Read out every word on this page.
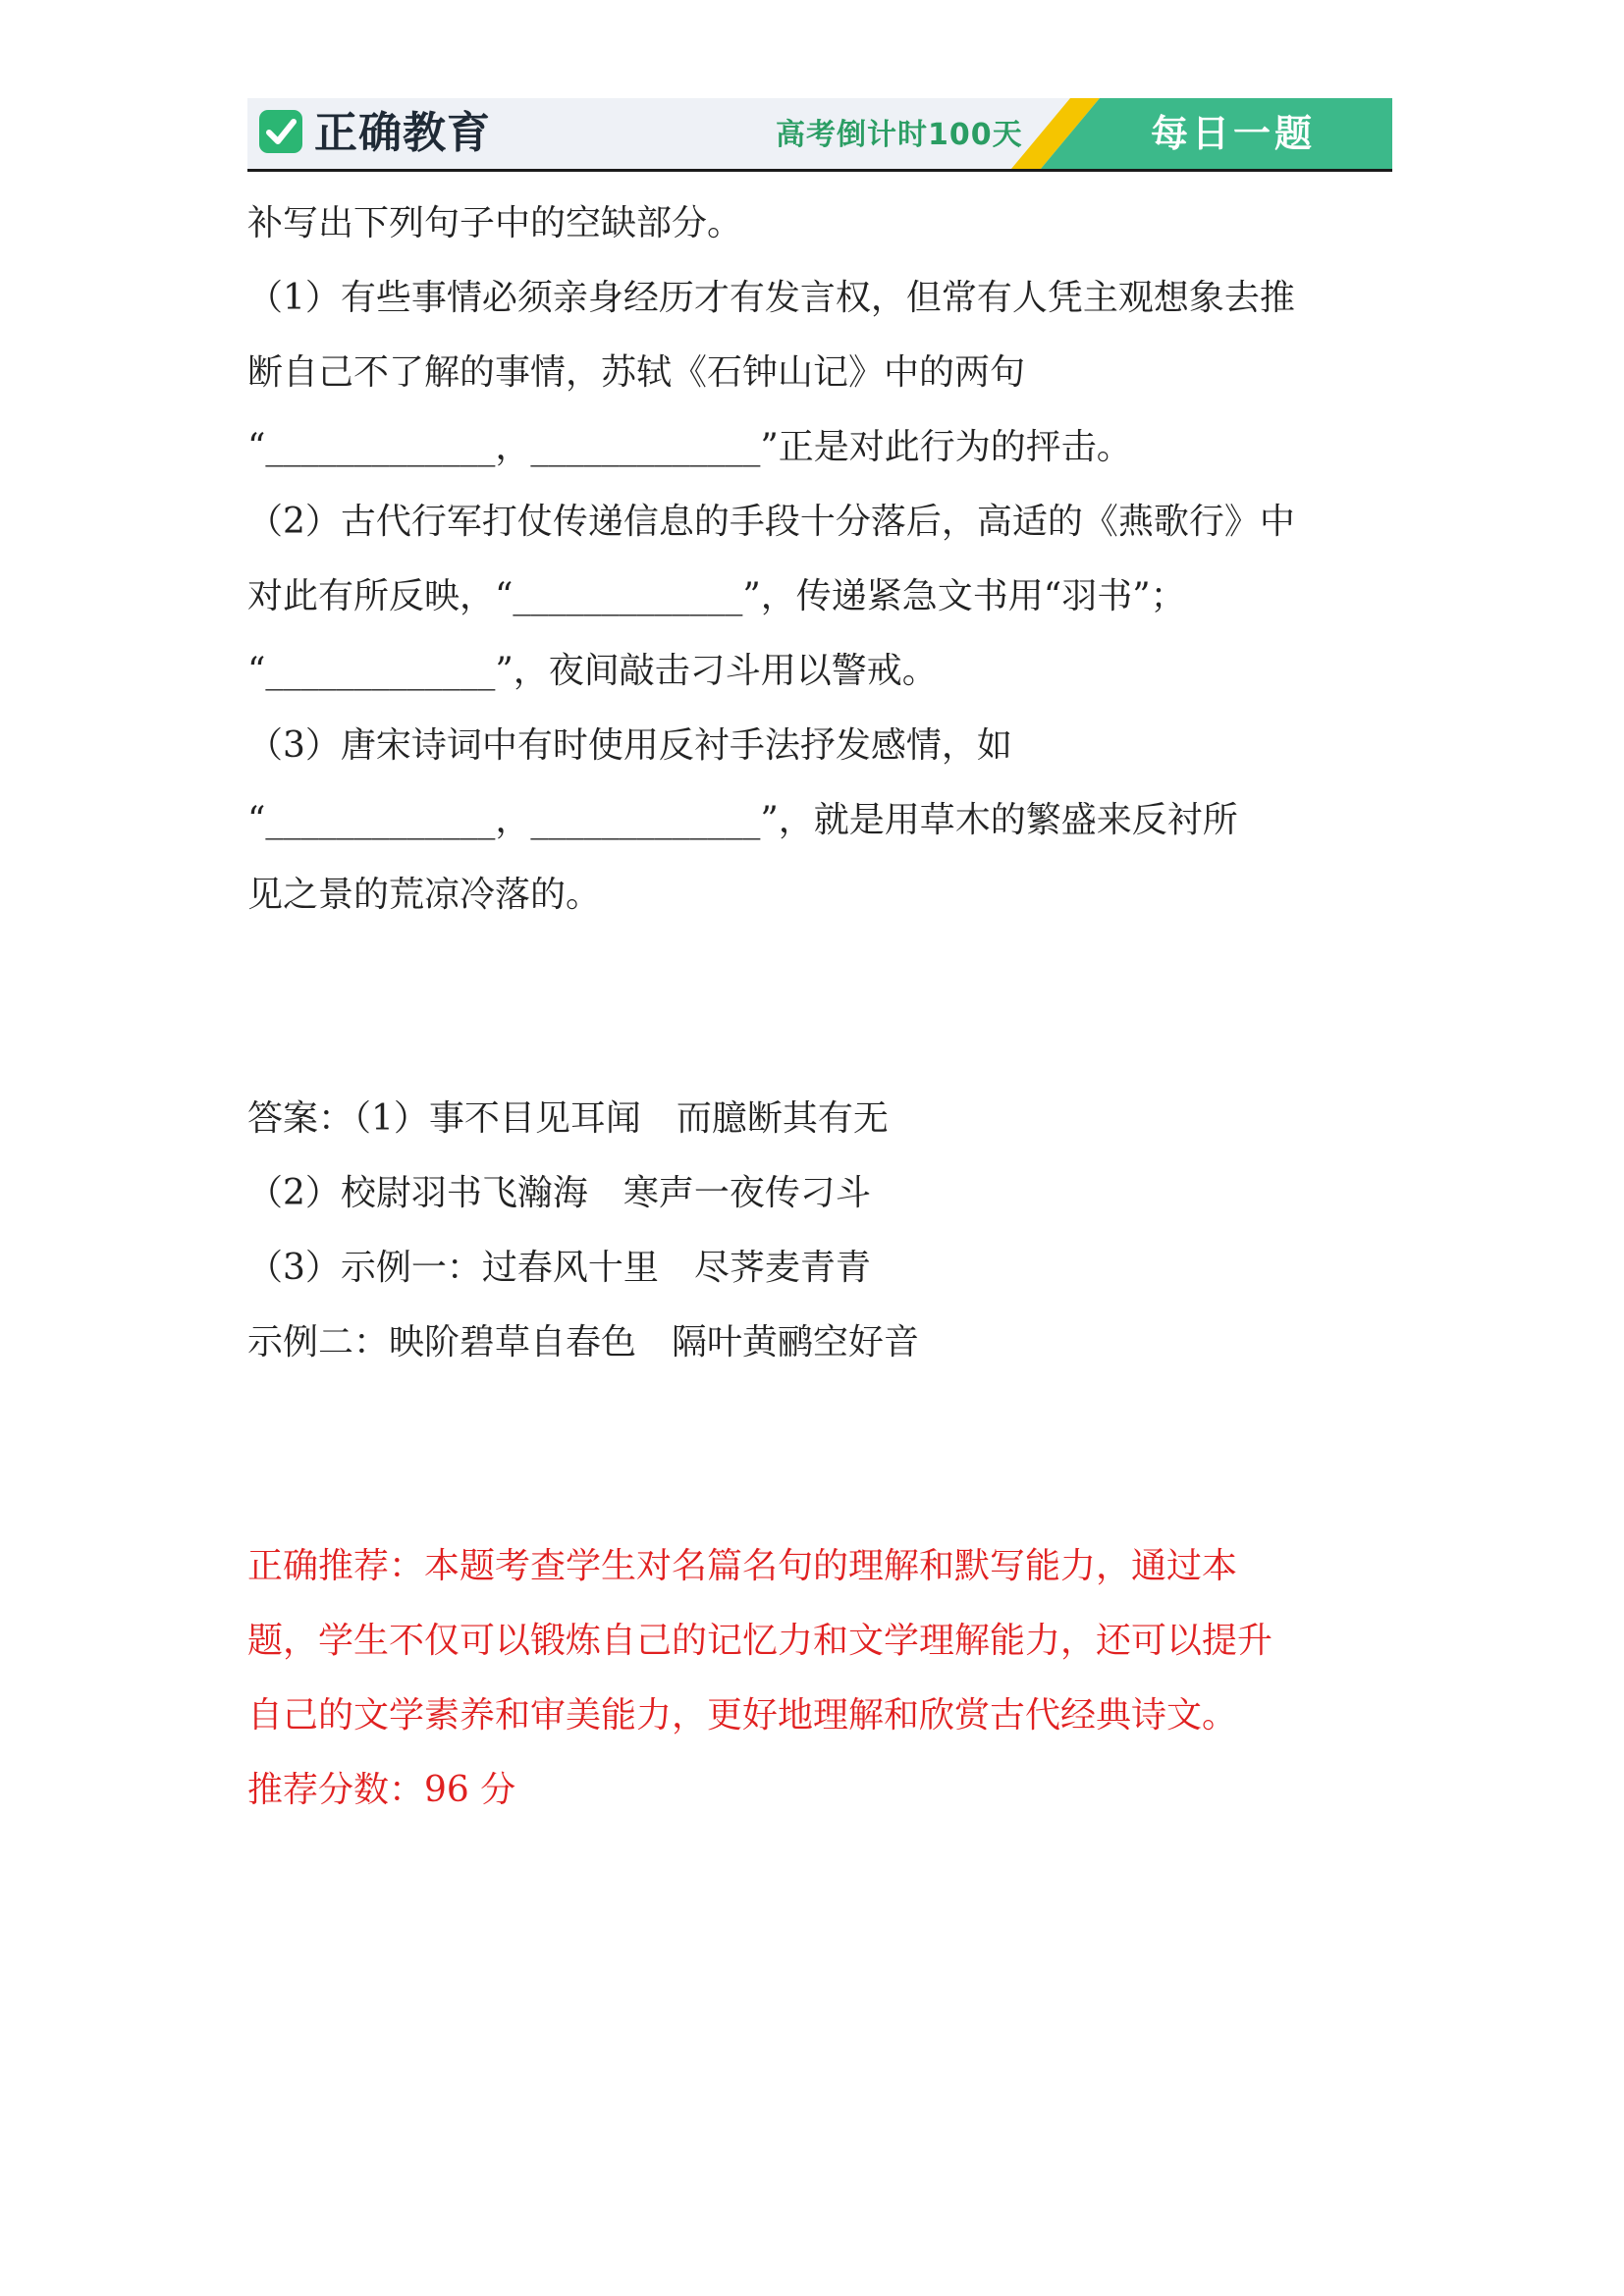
正确教育	高考倒计时100天	每日一题
补写出下列句子中的空缺部分。
（1）有些事情必须亲身经历才有发言权，但常有人凭主观想象去推
断自己不了解的事情，苏轼《石钟山记》中的两句
“_____________，_____________”正是对此行为的抨击。
（2）古代行军打仗传递信息的手段十分落后，高适的《燕歌行》中
对此有所反映，“_____________”，传递紧急文书用“羽书”；
“_____________”，夜间敲击刁斗用以警戒。
（3）唐宋诗词中有时使用反衬手法抒发感情，如
“_____________，_____________”，就是用草木的繁盛来反衬所
见之景的荒凉冷落的。
答案：（1）事不目见耳闻　而臆断其有无
（2）校尉羽书飞瀚海　寒声一夜传刁斗
（3）示例一：过春风十里　尽荠麦青青
示例二：映阶碧草自春色　隔叶黄鹂空好音
正确推荐：本题考查学生对名篇名句的理解和默写能力，通过本
题，学生不仅可以锻炼自己的记忆力和文学理解能力，还可以提升
自己的文学素养和审美能力，更好地理解和欣赏古代经典诗文。
推荐分数：96 分
